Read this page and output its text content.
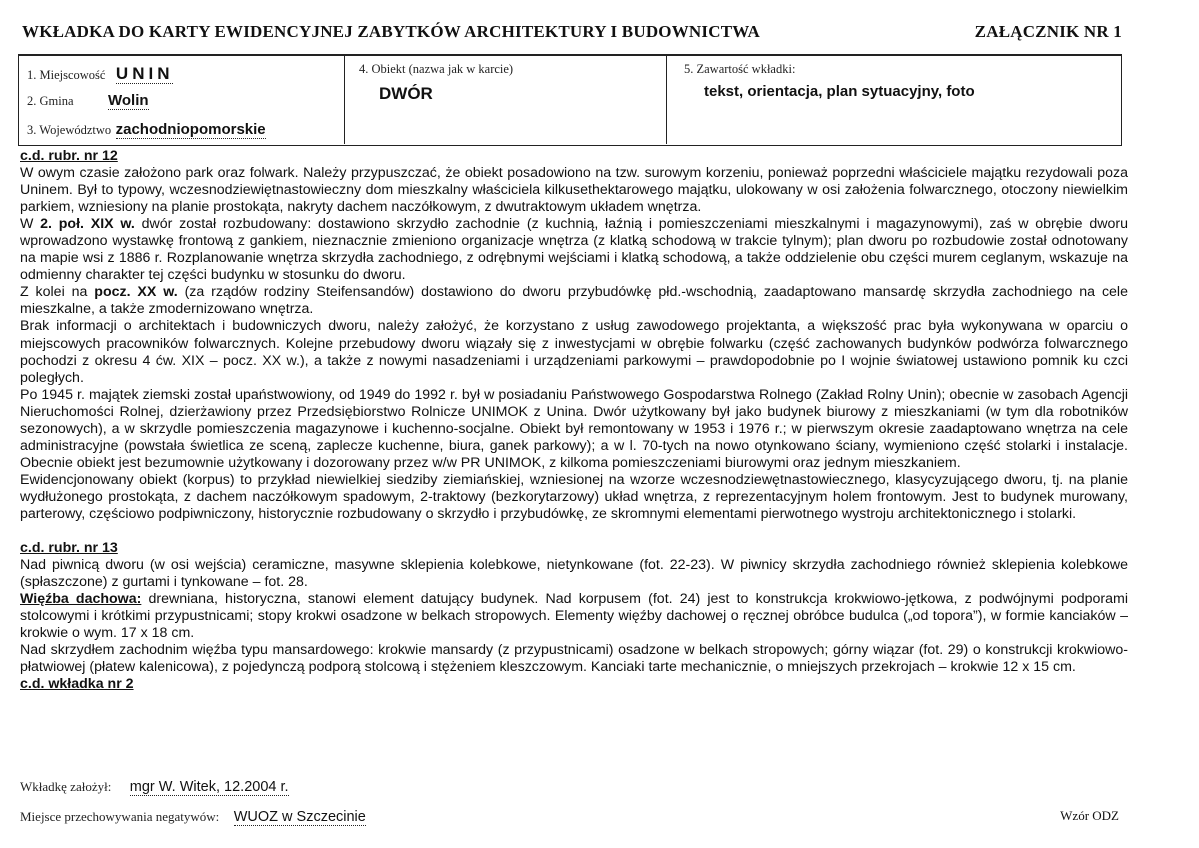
WKŁADKA DO KARTY EWIDENCYJNEJ ZABYTKÓW ARCHITEKTURY I BUDOWNICTWA	ZAŁĄCZNIK NR 1
1. Miejscowość UNIN
2. Gmina Wolin
3. Województwo zachodniopomorskie
4. Obiekt (nazwa jak w karcie)
DWÓR
5. Zawartość wkładki:
tekst, orientacja, plan sytuacyjny, foto
c.d. rubr. nr 12

W owym czasie założono park oraz folwark. Należy przypuszczać, że obiekt posadowiono na tzw. surowym korzeniu, ponieważ poprzedni właściciele majątku rezydowali poza Uninem. Był to typowy, wczesnodziewiętnastowieczny dom mieszkalny właściciela kilkusethektarowego majątku, ulokowany w osi założenia folwarcznego, otoczony niewielkim parkiem, wzniesiony na planie prostokąta, nakryty dachem naczółkowym, z dwutraktowym układem wnętrza.

W 2. poł. XIX w. dwór został rozbudowany: dostawiono skrzydło zachodnie (z kuchnią, łaźnią i pomieszczeniami mieszkalnymi i magazynowymi), zaś w obrębie dworu wprowadzono wystawkę frontową z gankiem, nieznacznie zmieniono organizacje wnętrza (z klatką schodową w trakcie tylnym); plan dworu po rozbudowie został odnotowany na mapie wsi z 1886 r. Rozplanowanie wnętrza skrzydła zachodniego, z odrębnymi wejściami i klatką schodową, a także oddzielenie obu części murem ceglanym, wskazuje na odmienny charakter tej części budynku w stosunku do dworu.

Z kolei na pocz. XX w. (za rządów rodziny Steifensandów) dostawiono do dworu przybudówkę płd.-wschodnią, zaadaptowano mansardę skrzydła zachodniego na cele mieszkalne, a także zmodernizowano wnętrza.

Brak informacji o architektach i budowniczych dworu, należy założyć, że korzystano z usług zawodowego projektanta, a większość prac była wykonywana w oparciu o miejscowych pracowników folwarcznych. Kolejne przebudowy dworu wiązały się z inwestycjami w obrębie folwarku (część zachowanych budynków podwórza folwarcznego pochodzi z okresu 4 ćw. XIX – pocz. XX w.), a także z nowymi nasadzeniami i urządzeniami parkowymi – prawdopodobnie po I wojnie światowej ustawiono pomnik ku czci poległych.

Po 1945 r. majątek ziemski został upaństwowiony, od 1949 do 1992 r. był w posiadaniu Państwowego Gospodarstwa Rolnego (Zakład Rolny Unin); obecnie w zasobach Agencji Nieruchomości Rolnej, dzierżawiony przez Przedsiębiorstwo Rolnicze UNIMOK z Unina. Dwór użytkowany był jako budynek biurowy z mieszkaniami (w tym dla robotników sezonowych), a w skrzydle pomieszczenia magazynowe i kuchenno-socjalne. Obiekt był remontowany w 1953 i 1976 r.; w pierwszym okresie zaadaptowano wnętrza na cele administracyjne (powstała świetlica ze sceną, zaplecze kuchenne, biura, ganek parkowy); a w l. 70-tych na nowo otynkowano ściany, wymieniono część stolarki i instalacje. Obecnie obiekt jest bezumownie użytkowany i dozorowany przez w/w PR UNIMOK, z kilkoma pomieszczeniami biurowymi oraz jednym mieszkaniem.

Ewidencjonowany obiekt (korpus) to przykład niewielkiej siedziby ziemiańskiej, wzniesionej na wzorze wczesnodziewętnastowiecznego, klasycyzującego dworu, tj. na planie wydłużonego prostokąta, z dachem naczółkowym spadowym, 2-traktowy (bezkorytarzowy) układ wnętrza, z reprezentacyjnym holem frontowym. Jest to budynek murowany, parterowy, częściowo podpiwniczony, historycznie rozbudowany o skrzydło i przybudówkę, ze skromnymi elementami pierwotnego wystroju architektonicznego i stolarki.

c.d. rubr. nr 13

Nad piwnicą dworu (w osi wejścia) ceramiczne, masywne sklepienia kolebkowe, nietynkowane (fot. 22-23). W piwnicy skrzydła zachodniego również sklepienia kolebkowe (spłaszczone) z gurtami i tynkowane – fot. 28.

Więźba dachowa: drewniana, historyczna, stanowi element datujący budynek. Nad korpusem (fot. 24) jest to konstrukcja krokwiowo-jętkowa, z podwójnymi podporami stolcowymi i krótkimi przypustnicami; stopy krokwi osadzone w belkach stropowych. Elementy więźby dachowej o ręcznej obróbce budulca („od topora”), w formie kanciaków – krokwie o wym. 17 x 18 cm.

Nad skrzydłem zachodnim więźba typu mansardowego: krokwie mansardy (z przypustnicami) osadzone w belkach stropowych; górny wiązar (fot. 29) o konstrukcji krokwiowo-płatwiowej (płatew kalenicowa), z pojedynczą podporą stolcową i stężeniem kleszczowym. Kanciaki tarte mechanicznie, o mniejszych przekrojach – krokwie 12 x 15 cm.

c.d. wkładka nr 2
Wkładkę założył: mgr W. Witek, 12.2004 r.
Miejsce przechowywania negatywów: WUOZ w Szczecinie	Wzór ODZ
